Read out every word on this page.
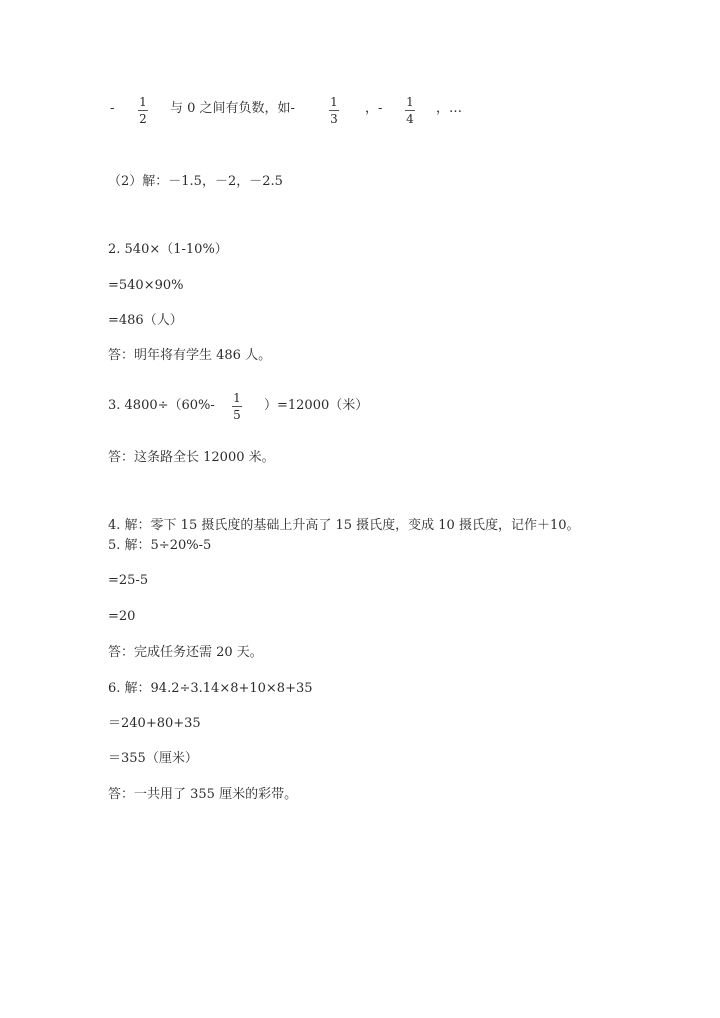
- 1
2
与 0 之间有负数，如-	1
3
，- 1
4
，…
（2）解：－1.5，－2，－2.5
2. 540×（1-10%）
=540×90%
=486（人）
答：明年将有学生 486 人。
3. 4800÷（60%- 1
5
）=12000（米）
答：这条路全长 12000 米。
4. 解：零下 15 摄氏度的基础上升高了 15 摄氏度，变成 10 摄氏度，记作＋10。
5. 解：5÷20%-5
=25-5
=20
答：完成任务还需 20 天。
6. 解：94.2÷3.14×8+10×8+35
＝240+80+35
＝355（厘米）
答：一共用了 355 厘米的彩带。
